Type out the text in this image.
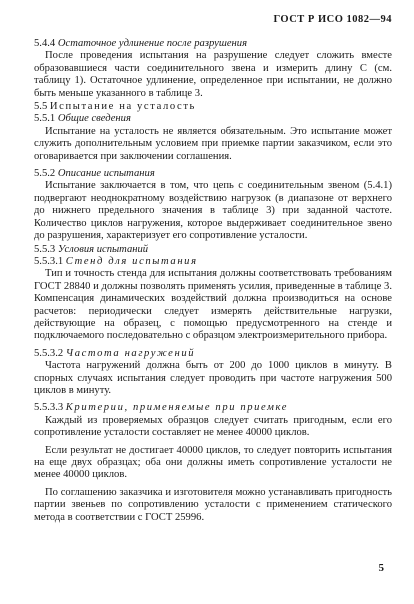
ГОСТ Р ИСО 1082—94
5.4.4 Остаточное удлинение после разрушения

После проведения испытания на разрушение следует сложить вместе образовавшиеся части соединительного звена и измерить длину C (см. таблицу 1). Остаточное удлинение, определенное при испытании, не должно быть меньше указанного в таблице 3.

5.5 Испытание на усталость
5.5.1 Общие сведения

Испытание на усталость не является обязательным. Это испытание может служить дополнительным условием при приемке партии заказчиком, если это оговаривается при заключении соглашения.

5.5.2 Описание испытания

Испытание заключается в том, что цепь с соединительным звеном (5.4.1) подвергают неоднократному воздействию нагрузок (в диапазоне от верхнего до нижнего предельного значения в таблице 3) при заданной частоте. Количество циклов нагружения, которое выдерживает соединительное звено до разрушения, характеризует его сопротивление усталости.

5.5.3 Условия испытаний
5.5.3.1 Стенд для испытания

Тип и точность стенда для испытания должны соответствовать требованиям ГОСТ 28840 и должны позволять применять усилия, приведенные в таблице 3. Компенсация динамических воздействий должна производиться на основе расчетов: периодически следует измерять действительные нагрузки, действующие на образец, с помощью предусмотренного на стенде и подключаемого последовательно с образцом электроизмерительного прибора.

5.5.3.2 Частота нагружений

Частота нагружений должна быть от 200 до 1000 циклов в минуту. В спорных случаях испытания следует проводить при частоте нагружения 500 циклов в минуту.

5.5.3.3 Критерии, применяемые при приемке

Каждый из проверяемых образцов следует считать пригодным, если его сопротивление усталости составляет не менее 40000 циклов.

Если результат не достигает 40000 циклов, то следует повторить испытания на еще двух образцах; оба они должны иметь сопротивление усталости не менее 40000 циклов.

По соглашению заказчика и изготовителя можно устанавливать пригодность партии звеньев по сопротивлению усталости с применением статического метода в соответствии с ГОСТ 25996.

5
